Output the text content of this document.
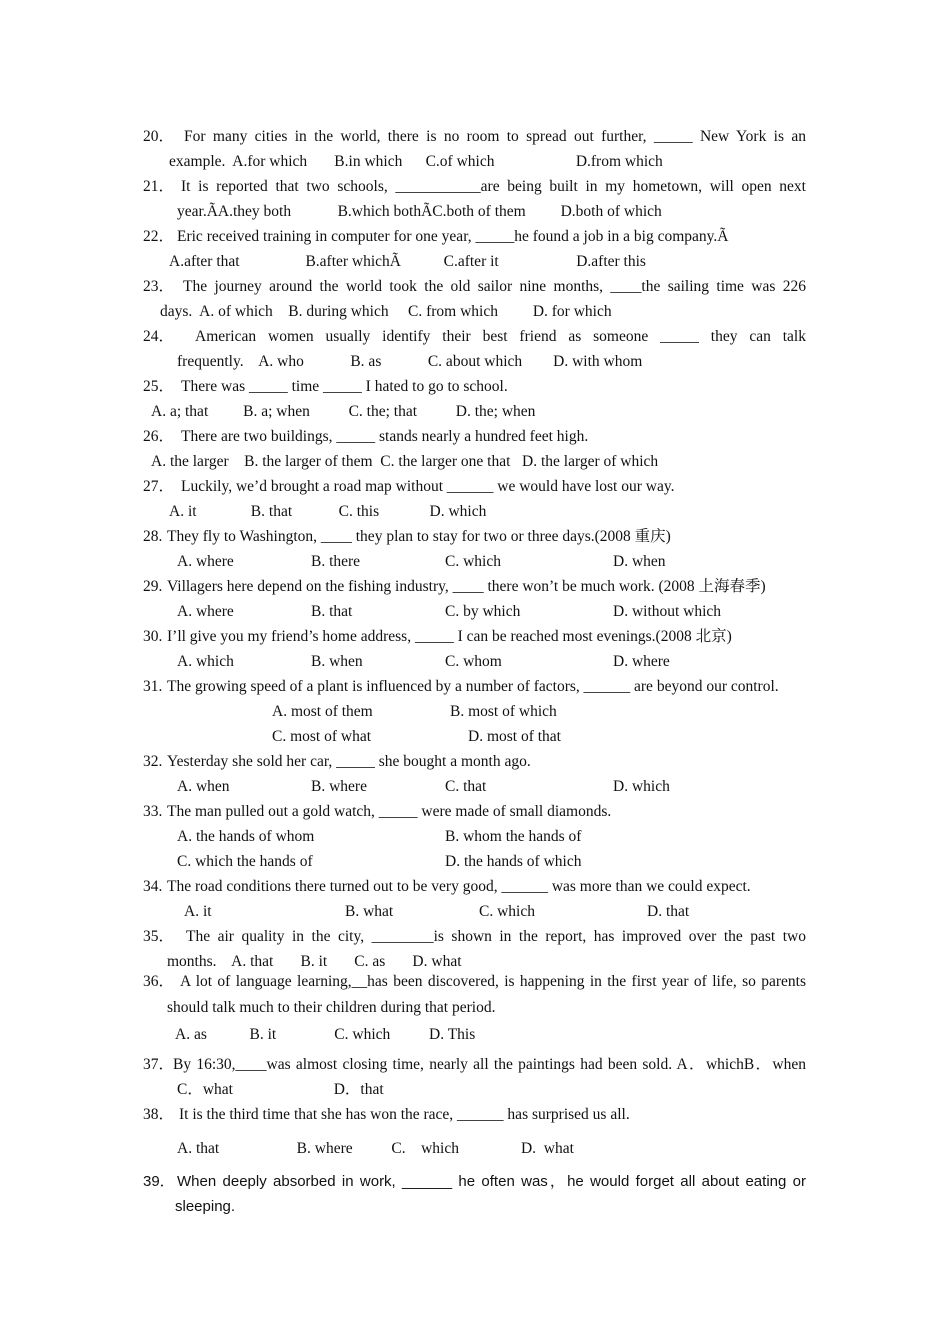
20． For many cities in the world, there is no room to spread out further, _____ New York is an
example.  A.for which       B.in which      C.of which                     D.from which
21． It is reported that two schools, ___________are being built in my hometown, will open next
year.ÃA.they both            B.which bothÃC.both of them         D.both of which
22． Eric received training in computer for one year, _____he found a job in a big company.Ã
A.after that                 B.after whichÃ           C.after it                    D.after this
23． The journey around the world took the old sailor nine months, ____the sailing time was 226
days.  A. of which    B. during which     C. from which         D. for which
24． American women usually identify their best friend as someone _____ they can talk
frequently.    A. who            B. as            C. about which        D. with whom
25． There was _____ time _____ I hated to go to school.
A. a; that         B. a; when          C. the; that          D. the; when
26． There are two buildings, _____ stands nearly a hundred feet high.
A. the larger    B. the larger of them  C. the larger one that   D. the larger of which
27． Luckily, we’d brought a road map without ______ we would have lost our way.
A. it              B. that            C. this             D. which
28. They fly to Washington, ____ they plan to stay for two or three days.(2008 重庆)
A. where	B. there	C. which	D. when
29. Villagers here depend on the fishing industry, ____ there won’t be much work. (2008 上海春季)
A. where	B. that	C. by which	D. without which
30. I’ll give you my friend’s home address, _____ I can be reached most evenings.(2008 北京)
A. which	B. when	C. whom	D. where
31. The growing speed of a plant is influenced by a number of factors, ______ are beyond our control.
A. most of them	B. most of which
C. most of what	D. most of that
32. Yesterday she sold her car, _____ she bought a month ago.
A. when	B. where	C. that	D. which
33. The man pulled out a gold watch, _____ were made of small diamonds.
A. the hands of whom	B. whom the hands of
C. which the hands of	D. the hands of which
34. The road conditions there turned out to be very good, ______ was more than we could expect.
A. it	B. what	C. which	D. that
35． The air quality in the city, ________is shown in the report, has improved over the past two
months.    A. that       B. it       C. as       D. what
36． A lot of language learning,__has been discovered, is happening in the first year of life, so parents
should talk much to their children during that period.
A. as           B. it               C. which          D. This
37．
By 16:30,____was almost closing time, nearly all the paintings had been sold. A．whichB．when
C．what                          D．that
38． It is the third time that she has won the race, ______ has surprised us all.
A. that                    B. where          C.    which                D.  what
39． When deeply absorbed in work, ______ he often was，he would forget all about eating or
sleeping.
